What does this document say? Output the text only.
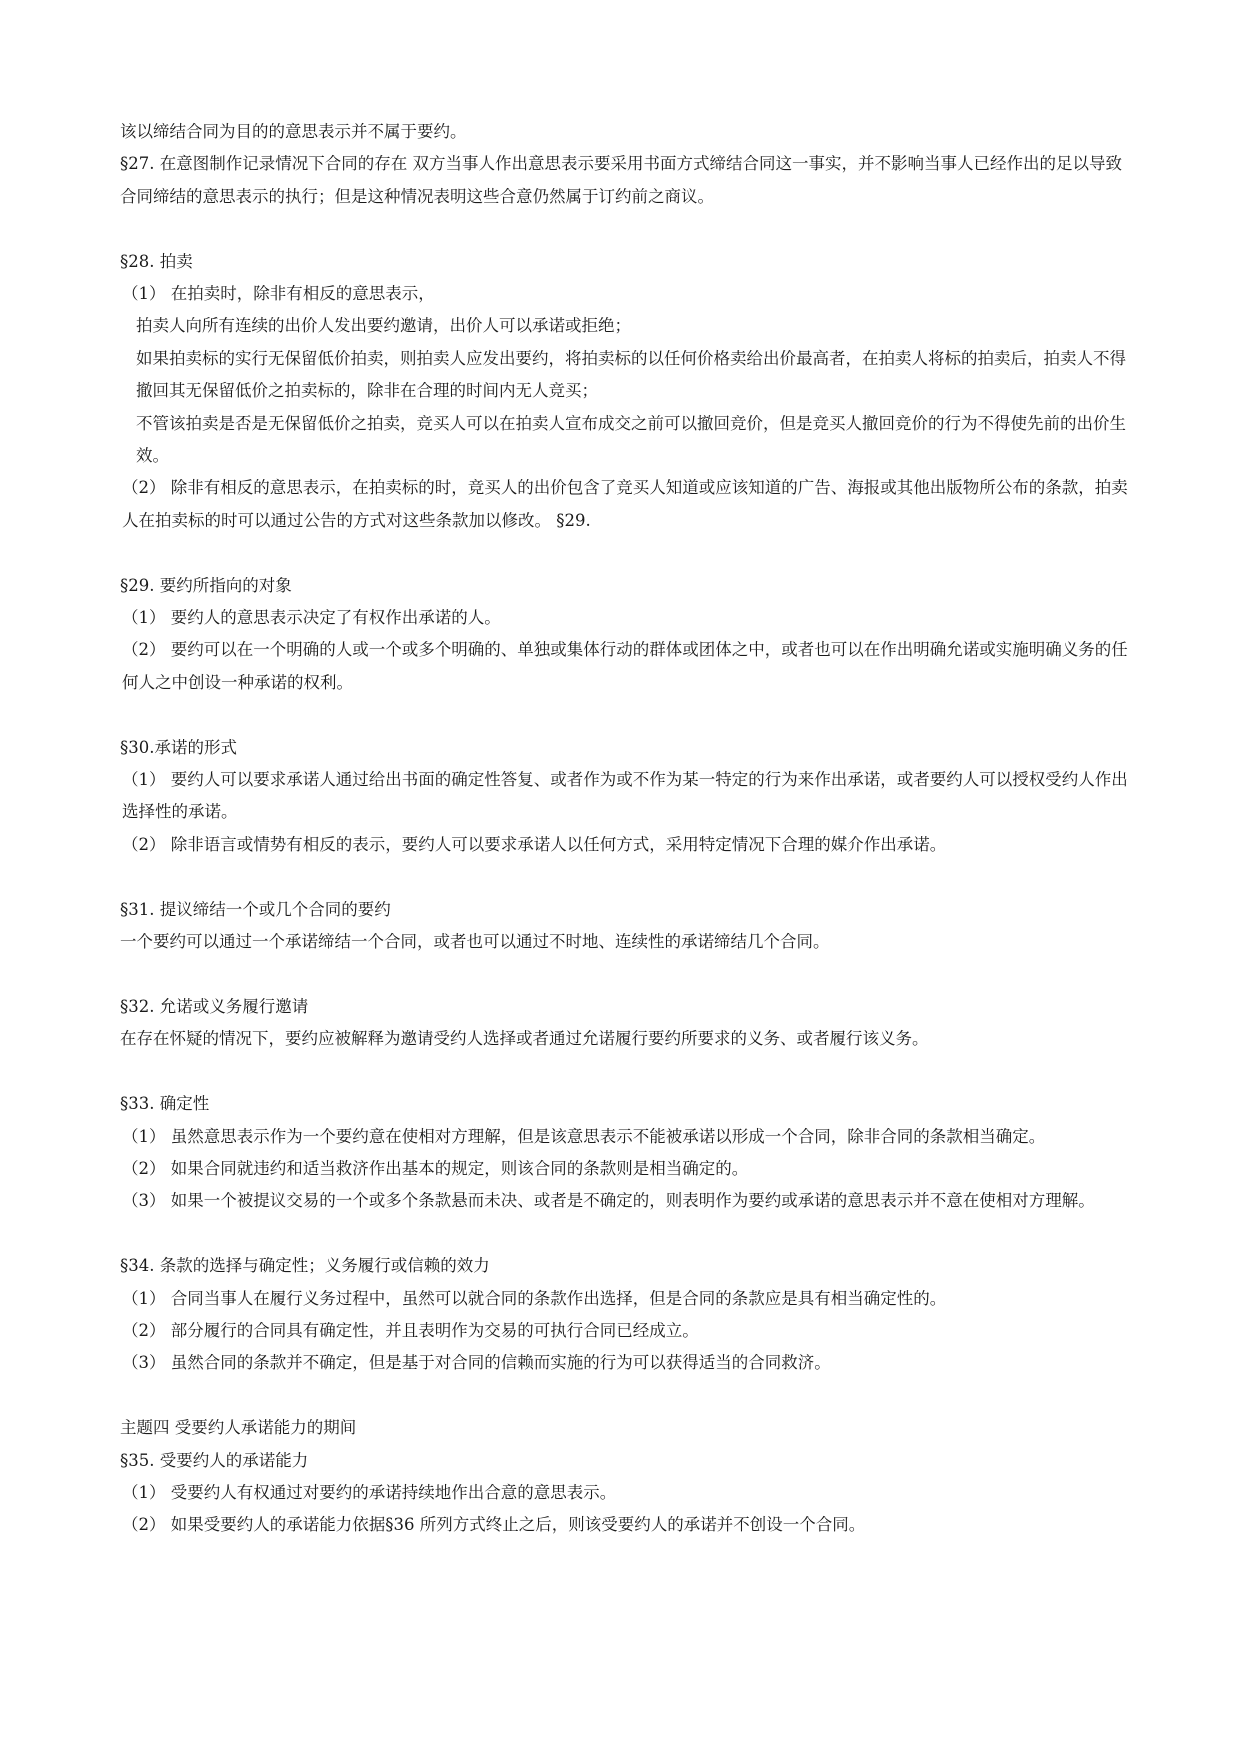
该以缔结合同为目的的意思表示并不属于要约。

§27. 在意图制作记录情况下合同的存在 双方当事人作出意思表示要采用书面方式缔结合同这一事实，并不影响当事人已经作出的足以导致合同缔结的意思表示的执行；但是这种情况表明这些合意仍然属于订约前之商议。

§28. 拍卖

（1） 在拍卖时，除非有相反的意思表示，

拍卖人向所有连续的出价人发出要约邀请，出价人可以承诺或拒绝；

如果拍卖标的实行无保留低价拍卖，则拍卖人应发出要约，将拍卖标的以任何价格卖给出价最高者，在拍卖人将标的拍卖后，拍卖人不得撤回其无保留低价之拍卖标的，除非在合理的时间内无人竞买；

不管该拍卖是否是无保留低价之拍卖，竞买人可以在拍卖人宣布成交之前可以撤回竞价，但是竞买人撤回竞价的行为不得使先前的出价生效。

（2） 除非有相反的意思表示，在拍卖标的时，竞买人的出价包含了竞买人知道或应该知道的广告、海报或其他出版物所公布的条款，拍卖人在拍卖标的时可以通过公告的方式对这些条款加以修改。 §29.

§29. 要约所指向的对象

（1） 要约人的意思表示决定了有权作出承诺的人。

（2） 要约可以在一个明确的人或一个或多个明确的、单独或集体行动的群体或团体之中，或者也可以在作出明确允诺或实施明确义务的任何人之中创设一种承诺的权利。

§30.承诺的形式

（1） 要约人可以要求承诺人通过给出书面的确定性答复、或者作为或不作为某一特定的行为来作出承诺，或者要约人可以授权受约人作出选择性的承诺。

（2） 除非语言或情势有相反的表示，要约人可以要求承诺人以任何方式，采用特定情况下合理的媒介作出承诺。

§31. 提议缔结一个或几个合同的要约

一个要约可以通过一个承诺缔结一个合同，或者也可以通过不时地、连续性的承诺缔结几个合同。

§32. 允诺或义务履行邀请

在存在怀疑的情况下，要约应被解释为邀请受约人选择或者通过允诺履行要约所要求的义务、或者履行该义务。

§33. 确定性

（1） 虽然意思表示作为一个要约意在使相对方理解，但是该意思表示不能被承诺以形成一个合同，除非合同的条款相当确定。

（2） 如果合同就违约和适当救济作出基本的规定，则该合同的条款则是相当确定的。

（3） 如果一个被提议交易的一个或多个条款悬而未决、或者是不确定的，则表明作为要约或承诺的意思表示并不意在使相对方理解。

§34. 条款的选择与确定性；义务履行或信赖的效力

（1） 合同当事人在履行义务过程中，虽然可以就合同的条款作出选择，但是合同的条款应是具有相当确定性的。

（2） 部分履行的合同具有确定性，并且表明作为交易的可执行合同已经成立。

（3） 虽然合同的条款并不确定，但是基于对合同的信赖而实施的行为可以获得适当的合同救济。

主题四 受要约人承诺能力的期间

§35. 受要约人的承诺能力

（1） 受要约人有权通过对要约的承诺持续地作出合意的意思表示。

（2） 如果受要约人的承诺能力依据§36 所列方式终止之后，则该受要约人的承诺并不创设一个合同。
